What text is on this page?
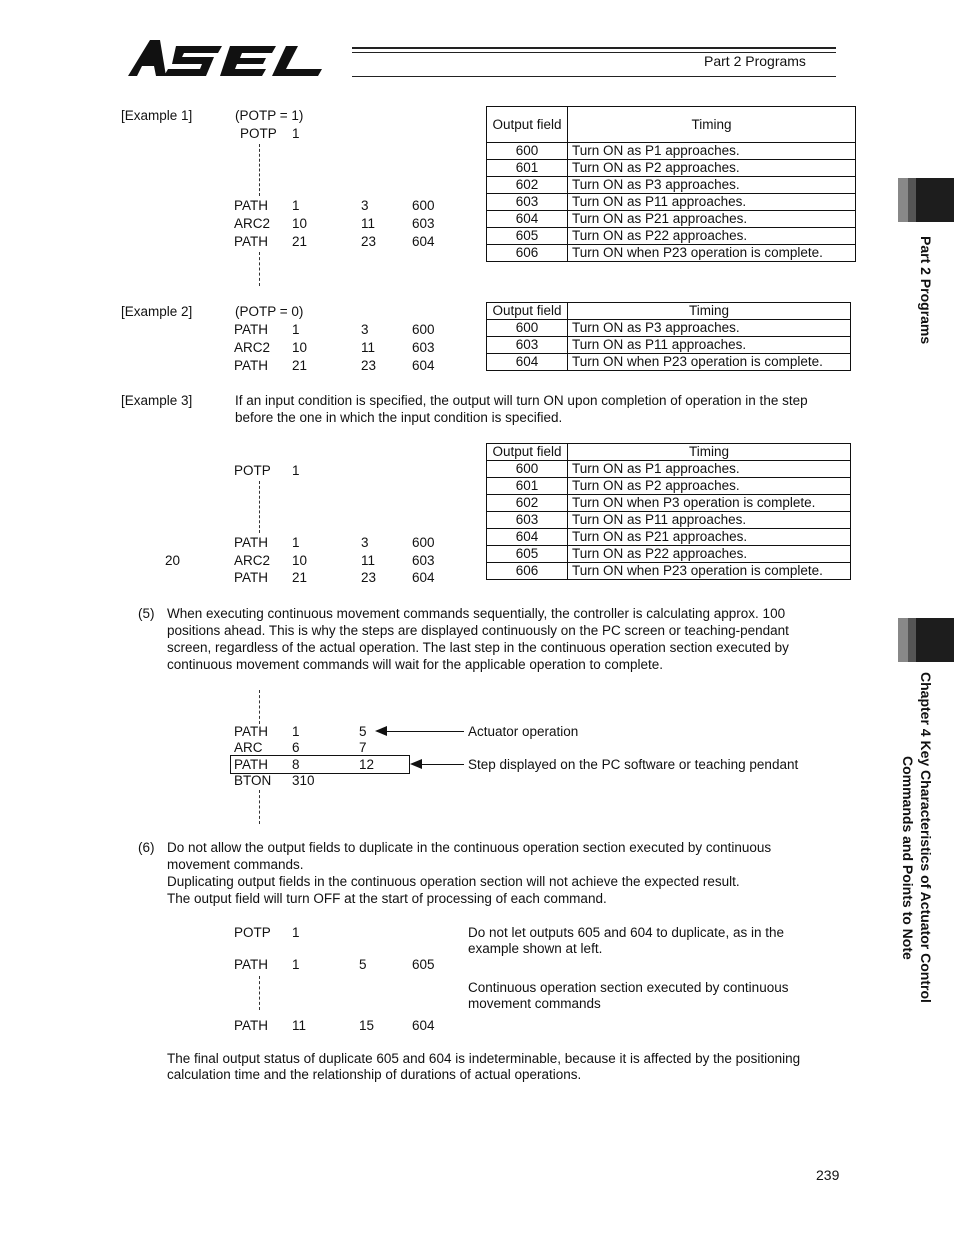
Part 2 Programs
Part 2 Programs
Chapter 4 Key Characteristics of Actuator Control
Commands and Points to Note
[Example 1]	(POTP = 1)
POTP 1
PATH 1	3	600
ARC2 10	11	603
PATH 21	23	604
Output field	Timing
600	Turn ON as P1 approaches.
601	Turn ON as P2 approaches.
602	Turn ON as P3 approaches.
603	Turn ON as P11 approaches.
604	Turn ON as P21 approaches.
605	Turn ON as P22 approaches.
606	Turn ON when P23 operation is complete.
[Example 2]	(POTP = 0)
PATH 1	3	600
ARC2 10	11	603
PATH 21	23	604
Output field	Timing
600	Turn ON as P3 approaches.
603	Turn ON as P11 approaches.
604	Turn ON when P23 operation is complete.
[Example 3]	If an input condition is specified, the output will turn ON upon completion of operation in the step
before the one in which the input condition is specified.
POTP 1
PATH 1	3	600
20	ARC2 10	11	603
PATH 21	23	604
Output field	Timing
600	Turn ON as P1 approaches.
601	Turn ON as P2 approaches.
602	Turn ON when P3 operation is complete.
603	Turn ON as P11 approaches.
604	Turn ON as P21 approaches.
605	Turn ON as P22 approaches.
606	Turn ON when P23 operation is complete.
(5) When executing continuous movement commands sequentially, the controller is calculating approx. 100
positions ahead. This is why the steps are displayed continuously on the PC screen or teaching-pendant
screen, regardless of the actual operation. The last step in the continuous operation section executed by
continuous movement commands will wait for the applicable operation to complete.
PATH 1	5
ARC 6	7
PATH 8	12
BTON 310
Actuator operation
Step displayed on the PC software or teaching pendant
(6) Do not allow the output fields to duplicate in the continuous operation section executed by continuous
movement commands.
Duplicating output fields in the continuous operation section will not achieve the expected result.
The output field will turn OFF at the start of processing of each command.
POTP 1
PATH 1	5	605
PATH 11	15	604
Do not let outputs 605 and 604 to duplicate, as in the
example shown at left.
Continuous operation section executed by continuous
movement commands
The final output status of duplicate 605 and 604 is indeterminable, because it is affected by the positioning
calculation time and the relationship of durations of actual operations.
239
